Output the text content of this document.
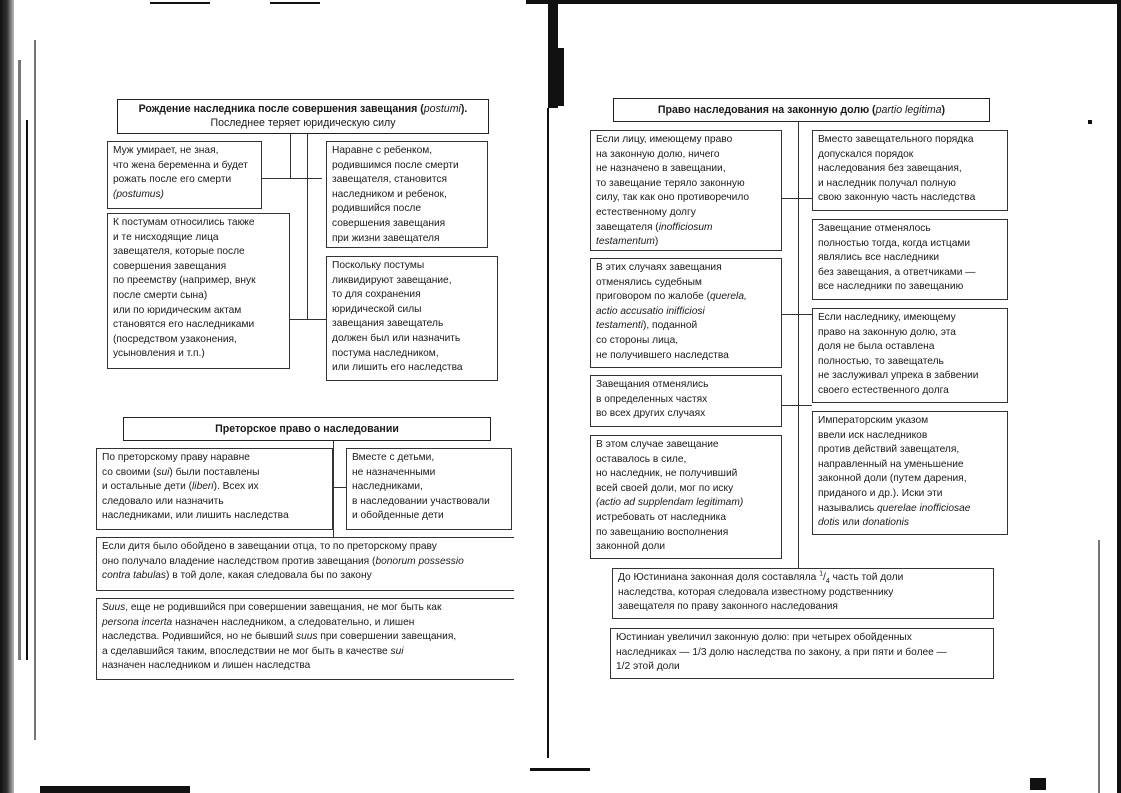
Рождение наследника после совершения завещания (postumi).
Последнее теряет юридическую силу
Муж умирает, не зная,
что жена беременна и будет
рожать после его смерти
(postumus)
Наравне с ребенком,
родившимся после смерти
завещателя, становится
наследником и ребенок,
родившийся после
совершения завещания
при жизни завещателя
К постумам относились также
и те нисходящие лица
завещателя, которые после
совершения завещания
по преемству (например, внук
после смерти сына)
или по юридическим актам
становятся его наследниками
(посредством узаконения,
усыновления и т.п.)
Поскольку постумы
ликвидируют завещание,
то для сохранения
юридической силы
завещания завещатель
должен был или назначить
постума наследником,
или лишить его наследства
Преторское право о наследовании
По преторскому праву наравне
со своими (sui) были поставлены
и остальные дети (liberi). Всех их
следовало или назначить
наследниками, или лишить наследства
Вместе с детьми,
не назначенными
наследниками,
в наследовании участвовали
и обойденные дети
Если дитя было обойдено в завещании отца, то по преторскому праву
оно получало владение наследством против завещания (bonorum possessio
contra tabulas) в той доле, какая следовала бы по закону
Suus, еще не родившийся при совершении завещания, не мог быть как
persona incerta назначен наследником, а следовательно, и лишен
наследства. Родившийся, но не бывший suus при совершении завещания,
а сделавшийся таким, впоследствии не мог быть в качестве sui
назначен наследником и лишен наследства
Право наследования на законную долю (partio legitima)
Если лицу, имеющему право
на законную долю, ничего
не назначено в завещании,
то завещание теряло законную
силу, так как оно противоречило
естественному долгу
завещателя (inofficiosum
testamentum)
Вместо завещательного порядка
допускался порядок
наследования без завещания,
и наследник получал полную
свою законную часть наследства
Завещание отменялось
полностью тогда, когда истцами
являлись все наследники
без завещания, а ответчиками —
все наследники по завещанию
В этих случаях завещания
отменялись судебным
приговором по жалобе (querela,
actio accusatio inifficiosi
testamenti), поданной
со стороны лица,
не получившего наследства
Если наследнику, имеющему
право на законную долю, эта
доля не была оставлена
полностью, то завещатель
не заслуживал упрека в забвении
своего естественного долга
Завещания отменялись
в определенных частях
во всех других случаях
Императорским указом
ввели иск наследников
против действий завещателя,
направленный на уменьшение
законной доли (путем дарения,
приданого и др.). Иски эти
назывались querelae inofficiosae
dotis или donationis
В этом случае завещание
оставалось в силе,
но наследник, не получивший
всей своей доли, мог по иску
(actio ad supplendam legitimam)
истребовать от наследника
по завещанию восполнения
законной доли
До Юстиниана законная доля составляла $^1/_4$ часть той доли
наследства, которая следовала известному родственнику
завещателя по праву законного наследования
Юстиниан увеличил законную долю: при четырех обойденных
наследниках — 1/3 долю наследства по закону, а при пяти и более —
1/2 этой доли
